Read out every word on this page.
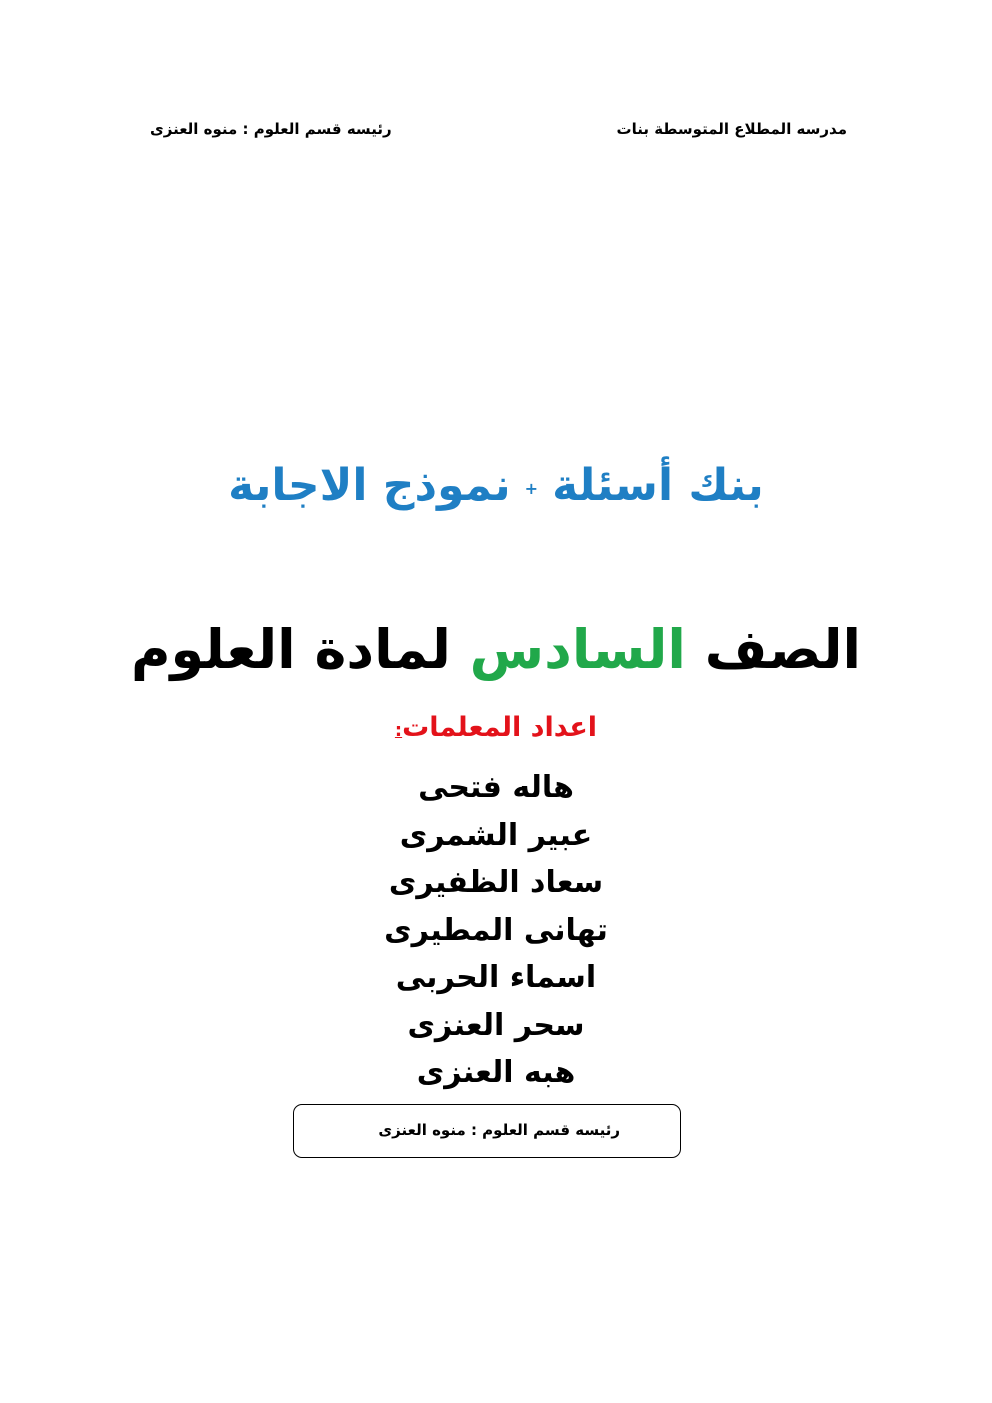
مدرسه المطلاع المتوسطة بنات
رئيسه قسم العلوم : منوه العنزى
بنك أسئلة+نموذج الاجابة
الصف السادس لمادة العلوم
اعداد المعلمات:
هاله فتحى
عبير الشمرى
سعاد الظفيرى
تهانى المطيرى
اسماء الحربى
سحر العنزى
هبه العنزى
رئيسه قسم العلوم : منوه العنزى
